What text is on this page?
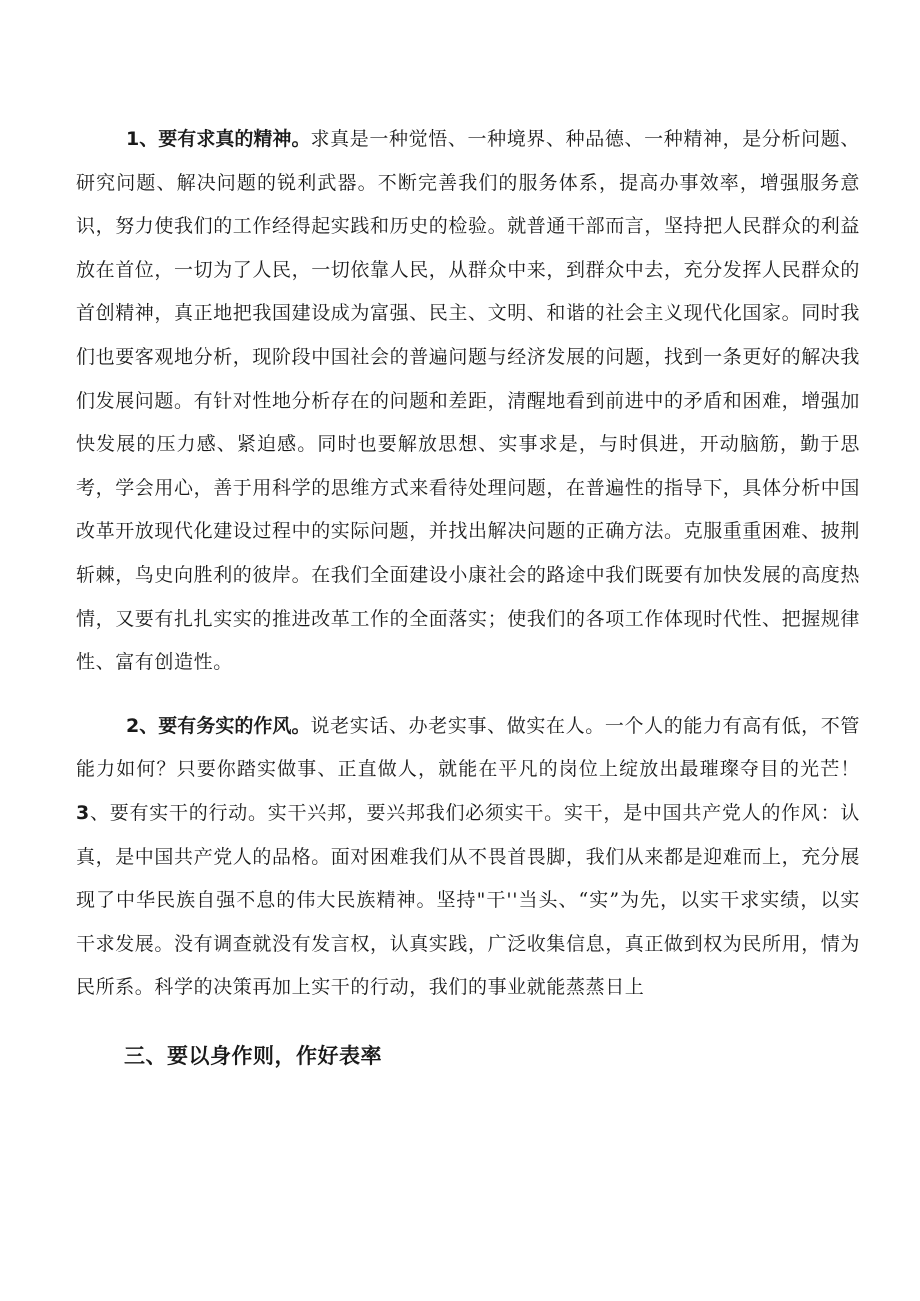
1、要有求真的精神。求真是一种觉悟、一种境界、种品德、一种精神，是分析问题、研究问题、解决问题的锐利武器。不断完善我们的服务体系，提高办事效率，增强服务意识，努力使我们的工作经得起实践和历史的检验。就普通干部而言，坚持把人民群众的利益放在首位，一切为了人民，一切依靠人民，从群众中来，到群众中去，充分发挥人民群众的首创精神，真正地把我国建设成为富强、民主、文明、和谐的社会主义现代化国家。同时我们也要客观地分析，现阶段中国社会的普遍问题与经济发展的问题，找到一条更好的解决我们发展问题。有针对性地分析存在的问题和差距，清醒地看到前进中的矛盾和困难，增强加快发展的压力感、紧迫感。同时也要解放思想、实事求是，与时俱进，开动脑筋，勤于思考，学会用心，善于用科学的思维方式来看待处理问题，在普遍性的指导下，具体分析中国改革开放现代化建设过程中的实际问题，并找出解决问题的正确方法。克服重重困难、披荆斩棘，鸟史向胜利的彼岸。在我们全面建设小康社会的路途中我们既要有加快发展的高度热情，又要有扎扎实实的推进改革工作的全面落实；使我们的各项工作体现时代性、把握规律性、富有创造性。

2、要有务实的作风。说老实话、办老实事、做实在人。一个人的能力有高有低，不管能力如何？只要你踏实做事、正直做人，就能在平凡的岗位上绽放出最璀璨夺目的光芒！3、要有实干的行动。实干兴邦，要兴邦我们必须实干。实干，是中国共产党人的作风：认真，是中国共产党人的品格。面对困难我们从不畏首畏脚，我们从来都是迎难而上，充分展现了中华民族自强不息的伟大民族精神。坚持"干''当头、“实”为先，以实干求实绩，以实干求发展。没有调查就没有发言权，认真实践，广泛收集信息，真正做到权为民所用，情为民所系。科学的决策再加上实干的行动，我们的事业就能蒸蒸日上

三、要以身作则，作好表率
